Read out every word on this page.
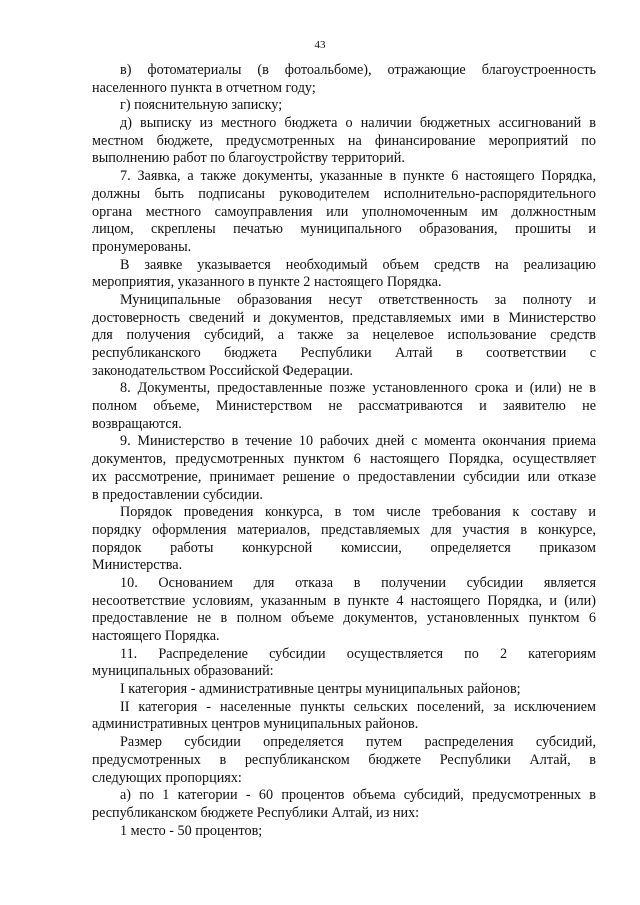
43
в) фотоматериалы (в фотоальбоме), отражающие благоустроенность
населенного пункта в отчетном году;
г) пояснительную записку;
д) выписку из местного бюджета о наличии бюджетных ассигнований в
местном бюджете, предусмотренных на финансирование мероприятий по
выполнению работ по благоустройству территорий.
7. Заявка, а также документы, указанные в пункте 6 настоящего Порядка,
должны быть подписаны руководителем исполнительно-распорядительного
органа местного самоуправления или уполномоченным им должностным
лицом, скреплены печатью муниципального образования, прошиты и
пронумерованы.
В заявке указывается необходимый объем средств на реализацию
мероприятия, указанного в пункте 2 настоящего Порядка.
Муниципальные образования несут ответственность за полноту и
достоверность сведений и документов, представляемых ими в Министерство
для получения субсидий, а также за нецелевое использование средств
республиканского бюджета Республики Алтай в соответствии с
законодательством Российской Федерации.
8. Документы, предоставленные позже установленного срока и (или) не в
полном объеме, Министерством не рассматриваются и заявителю не
возвращаются.
9. Министерство в течение 10 рабочих дней с момента окончания приема
документов, предусмотренных пунктом 6 настоящего Порядка, осуществляет
их рассмотрение, принимает решение о предоставлении субсидии или отказе
в предоставлении субсидии.
Порядок проведения конкурса, в том числе требования к составу и
порядку оформления материалов, представляемых для участия в конкурсе,
порядок работы конкурсной комиссии, определяется приказом
Министерства.
10. Основанием для отказа в получении субсидии является
несоответствие условиям, указанным в пункте 4 настоящего Порядка, и (или)
предоставление не в полном объеме документов, установленных пунктом 6
настоящего Порядка.
11. Распределение субсидии осуществляется по 2 категориям
муниципальных образований:
I категория - административные центры муниципальных районов;
II категория - населенные пункты сельских поселений, за исключением
административных центров муниципальных районов.
Размер субсидии определяется путем распределения субсидий,
предусмотренных в республиканском бюджете Республики Алтай, в
следующих пропорциях:
а) по 1 категории - 60 процентов объема субсидий, предусмотренных в
республиканском бюджете Республики Алтай, из них:
1 место - 50 процентов;
